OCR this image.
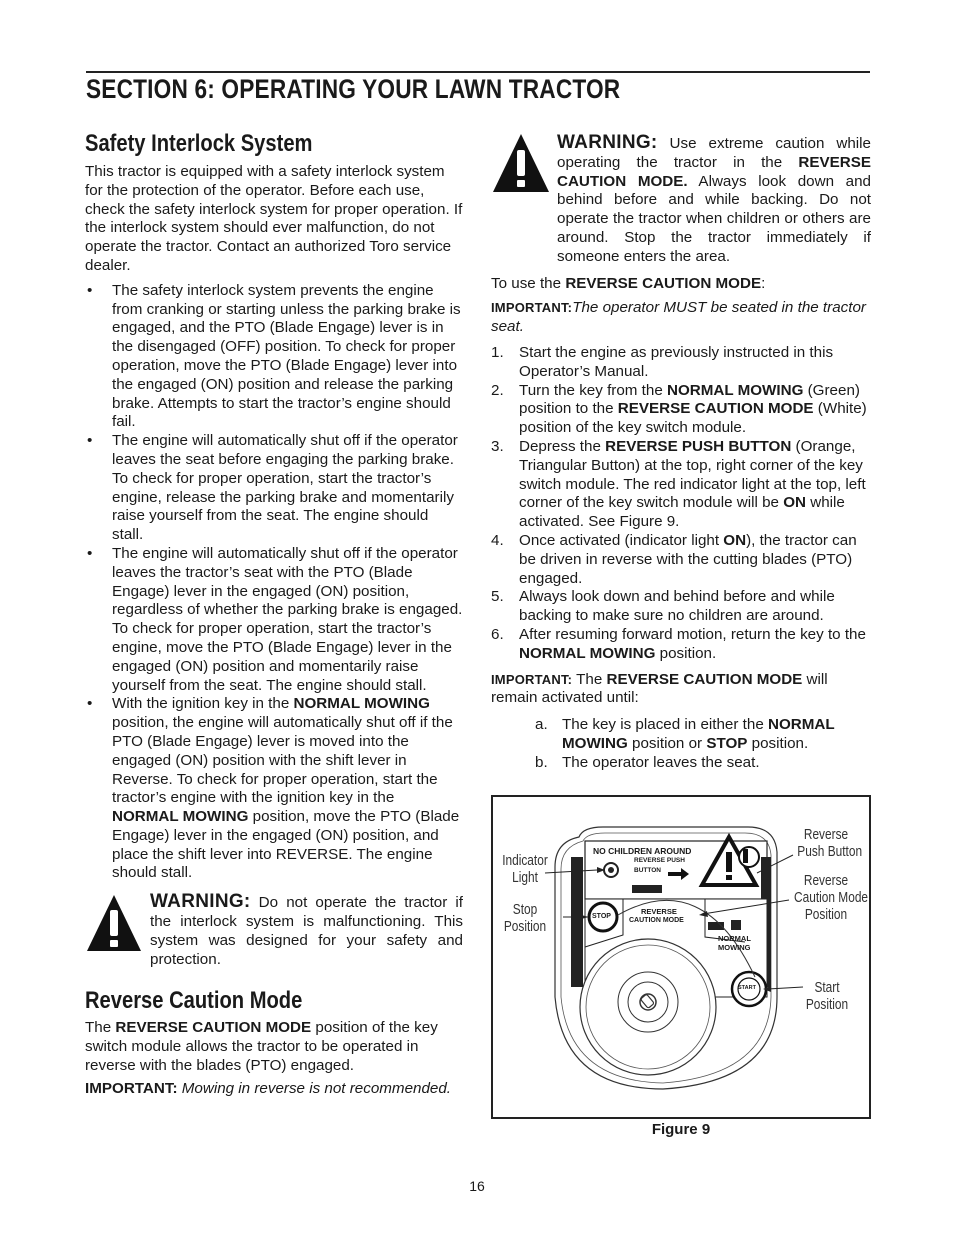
SECTION 6: OPERATING YOUR LAWN TRACTOR
Safety Interlock System

This tractor is equipped with a safety interlock system for the protection of the operator. Before each use, check the safety interlock system for proper operation. If the interlock system should ever malfunction, do not operate the tractor. Contact an authorized Toro service dealer.

• The safety interlock system prevents the engine from cranking or starting unless the parking brake is engaged, and the PTO (Blade Engage) lever is in the disengaged (OFF) position. To check for proper operation, move the PTO (Blade Engage) lever into the engaged (ON) position and release the parking brake. Attempts to start the tractor’s engine should fail.
• The engine will automatically shut off if the operator leaves the seat before engaging the parking brake. To check for proper operation, start the tractor’s engine, release the parking brake and momentarily raise yourself from the seat. The engine should stall.
• The engine will automatically shut off if the operator leaves the tractor’s seat with the PTO (Blade Engage) lever in the engaged (ON) position, regardless of whether the parking brake is engaged. To check for proper operation, start the tractor’s engine, move the PTO (Blade Engage) lever in the engaged (ON) position and momentarily raise yourself from the seat. The engine should stall.
• With the ignition key in the NORMAL MOWING position, the engine will automatically shut off if the PTO (Blade Engage) lever is moved into the engaged (ON) position with the shift lever in Reverse. To check for proper operation, start the tractor’s engine with the ignition key in the NORMAL MOWING position, move the PTO (Blade Engage) lever in the engaged (ON) position, and place the shift lever into REVERSE. The engine should stall.

WARNING: Do not operate the tractor if the interlock system is malfunctioning. This system was designed for your safety and protection.

Reverse Caution Mode

The REVERSE CAUTION MODE position of the key switch module allows the tractor to be operated in reverse with the blades (PTO) engaged.

IMPORTANT: Mowing in reverse is not recommended.

WARNING: Use extreme caution while operating the tractor in the REVERSE CAUTION MODE. Always look down and behind before and while backing. Do not operate the tractor when children or others are around. Stop the tractor immediately if someone enters the area.

To use the REVERSE CAUTION MODE:

IMPORTANT:The operator MUST be seated in the tractor seat.

1. Start the engine as previously instructed in this Operator’s Manual.
2. Turn the key from the NORMAL MOWING (Green) position to the REVERSE CAUTION MODE (White) position of the key switch module.
3. Depress the REVERSE PUSH BUTTON (Orange, Triangular Button) at the top, right corner of the key switch module. The red indicator light at the top, left corner of the key switch module will be ON while activated. See Figure 9.
4. Once activated (indicator light ON), the tractor can be driven in reverse with the cutting blades (PTO) engaged.
5. Always look down and behind before and while backing to make sure no children are around.
6. After resuming forward motion, return the key to the NORMAL MOWING position.

IMPORTANT: The REVERSE CAUTION MODE will remain activated until:

a. The key is placed in either the NORMAL MOWING position or STOP position.
b. The operator leaves the seat.
NO CHILDREN AROUND
REVERSE PUSH
BUTTON
STOP
REVERSE
CAUTION MODE
NORMAL
MOWING
START
Indicator
Light
Stop
Position
Reverse
Push Button
Reverse
Caution Mode
Position
Start
Position
Figure 9
16
